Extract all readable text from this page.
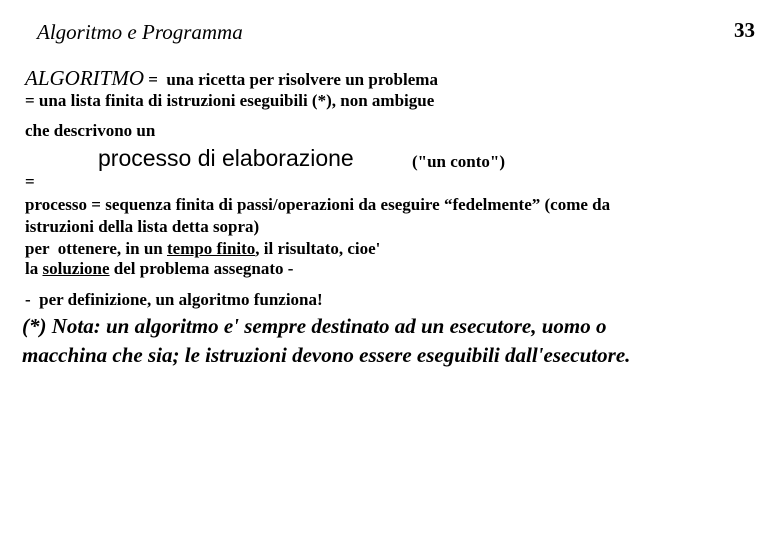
Algoritmo e Programma	33
ALGORITMO =  una ricetta per risolvere un problema
= una lista finita di istruzioni eseguibili (*), non ambigue
che descrivono un
processo di elaborazione	("un conto")
=
processo = sequenza finita di passi/operazioni da eseguire “fedelmente” (come da
istruzioni della lista detta sopra)
per  ottenere, in un tempo finito, il risultato, cioe'
la soluzione del problema assegnato -
-  per definizione, un algoritmo funziona!
(*) Nota: un algoritmo e' sempre destinato ad un esecutore, uomo o
macchina che sia; le istruzioni devono essere eseguibili dall'esecutore.
